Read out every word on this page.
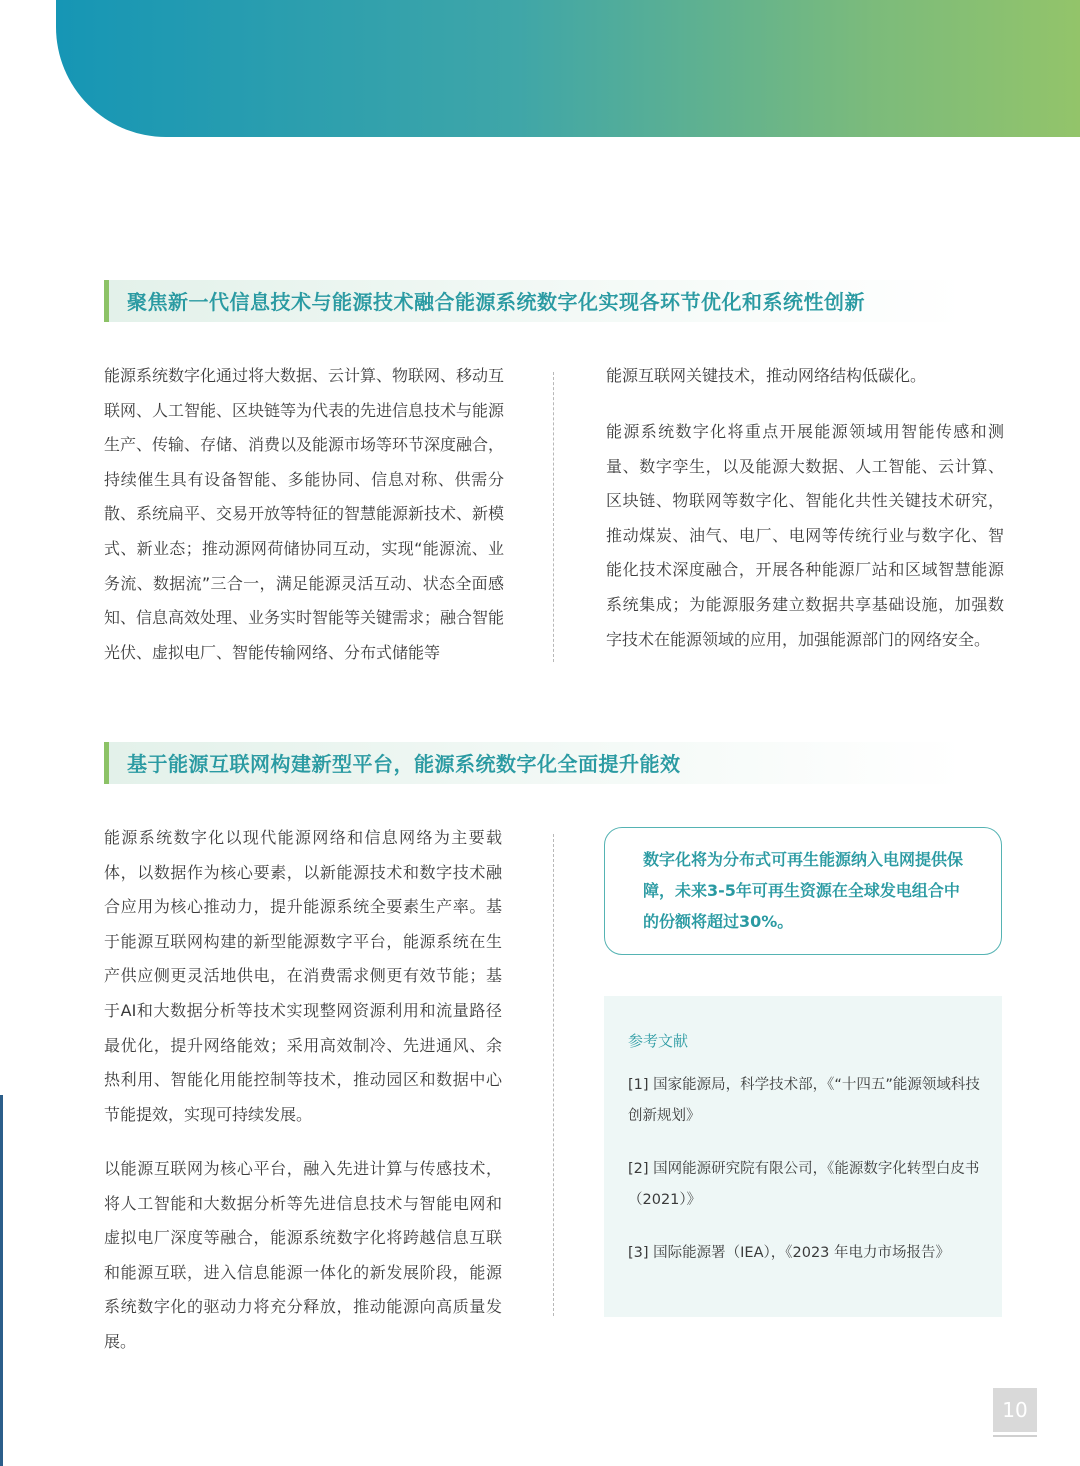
聚焦新一代信息技术与能源技术融合能源系统数字化实现各环节优化和系统性创新

能源系统数字化通过将大数据、云计算、物联网、移动互联网、人工智能、区块链等为代表的先进信息技术与能源生产、传输、存储、消费以及能源市场等环节深度融合，持续催生具有设备智能、多能协同、信息对称、供需分散、系统扁平、交易开放等特征的智慧能源新技术、新模式、新业态；推动源网荷储协同互动，实现“能源流、业务流、数据流”三合一，满足能源灵活互动、状态全面感知、信息高效处理、业务实时智能等关键需求；融合智能光伏、虚拟电厂、智能传输网络、分布式储能等

能源互联网关键技术，推动网络结构低碳化。

能源系统数字化将重点开展能源领域用智能传感和测量、数字孪生，以及能源大数据、人工智能、云计算、区块链、物联网等数字化、智能化共性关键技术研究，推动煤炭、油气、电厂、电网等传统行业与数字化、智能化技术深度融合，开展各种能源厂站和区域智慧能源系统集成；为能源服务建立数据共享基础设施，加强数字技术在能源领域的应用，加强能源部门的网络安全。

基于能源互联网构建新型平台，能源系统数字化全面提升能效

能源系统数字化以现代能源网络和信息网络为主要载体，以数据作为核心要素，以新能源技术和数字技术融合应用为核心推动力，提升能源系统全要素生产率。基于能源互联网构建的新型能源数字平台，能源系统在生产供应侧更灵活地供电，在消费需求侧更有效节能；基于AI和大数据分析等技术实现整网资源利用和流量路径最优化，提升网络能效；采用高效制冷、先进通风、余热利用、智能化用能控制等技术，推动园区和数据中心节能提效，实现可持续发展。

以能源互联网为核心平台，融入先进计算与传感技术，将人工智能和大数据分析等先进信息技术与智能电网和虚拟电厂深度等融合，能源系统数字化将跨越信息互联和能源互联，进入信息能源一体化的新发展阶段，能源系统数字化的驱动力将充分释放，推动能源向高质量发展。

数字化将为分布式可再生能源纳入电网提供保障，未来3-5年可再生资源在全球发电组合中的份额将超过30%。

参考文献

[1] 国家能源局，科学技术部，《“十四五”能源领域科技创新规划》

[2] 国网能源研究院有限公司，《能源数字化转型白皮书（2021）》

[3] 国际能源署（IEA），《2023 年电力市场报告》

10
